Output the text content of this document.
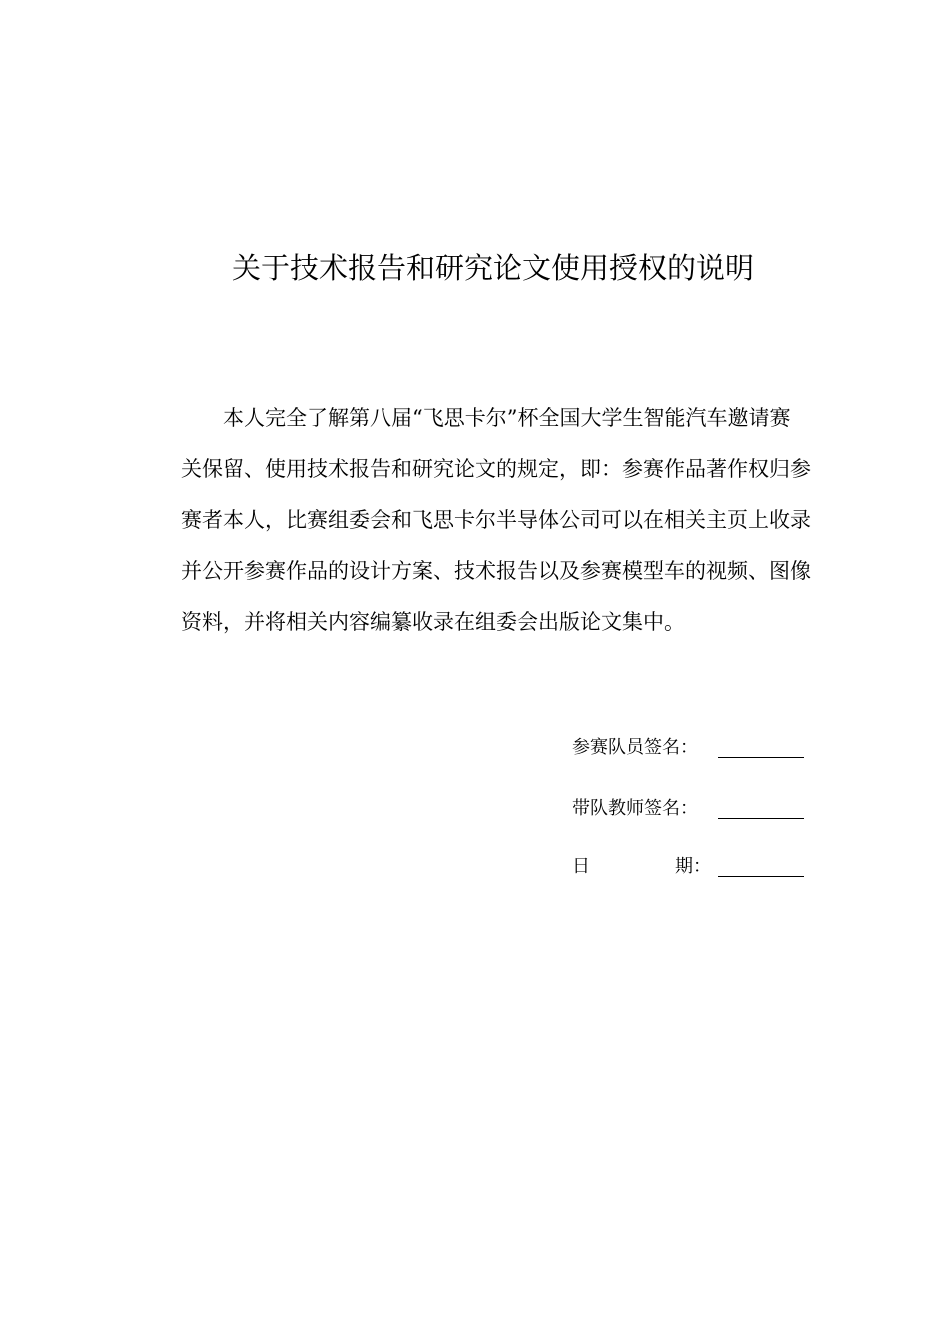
关于技术报告和研究论文使用授权的说明
本人完全了解第八届“飞思卡尔”杯全国大学生智能汽车邀请赛
关保留、使用技术报告和研究论文的规定，即：参赛作品著作权归参
赛者本人，比赛组委会和飞思卡尔半导体公司可以在相关主页上收录
并公开参赛作品的设计方案、技术报告以及参赛模型车的视频、图像
资料，并将相关内容编纂收录在组委会出版论文集中。
参赛队员签名：
带队教师签名：
日	期：
